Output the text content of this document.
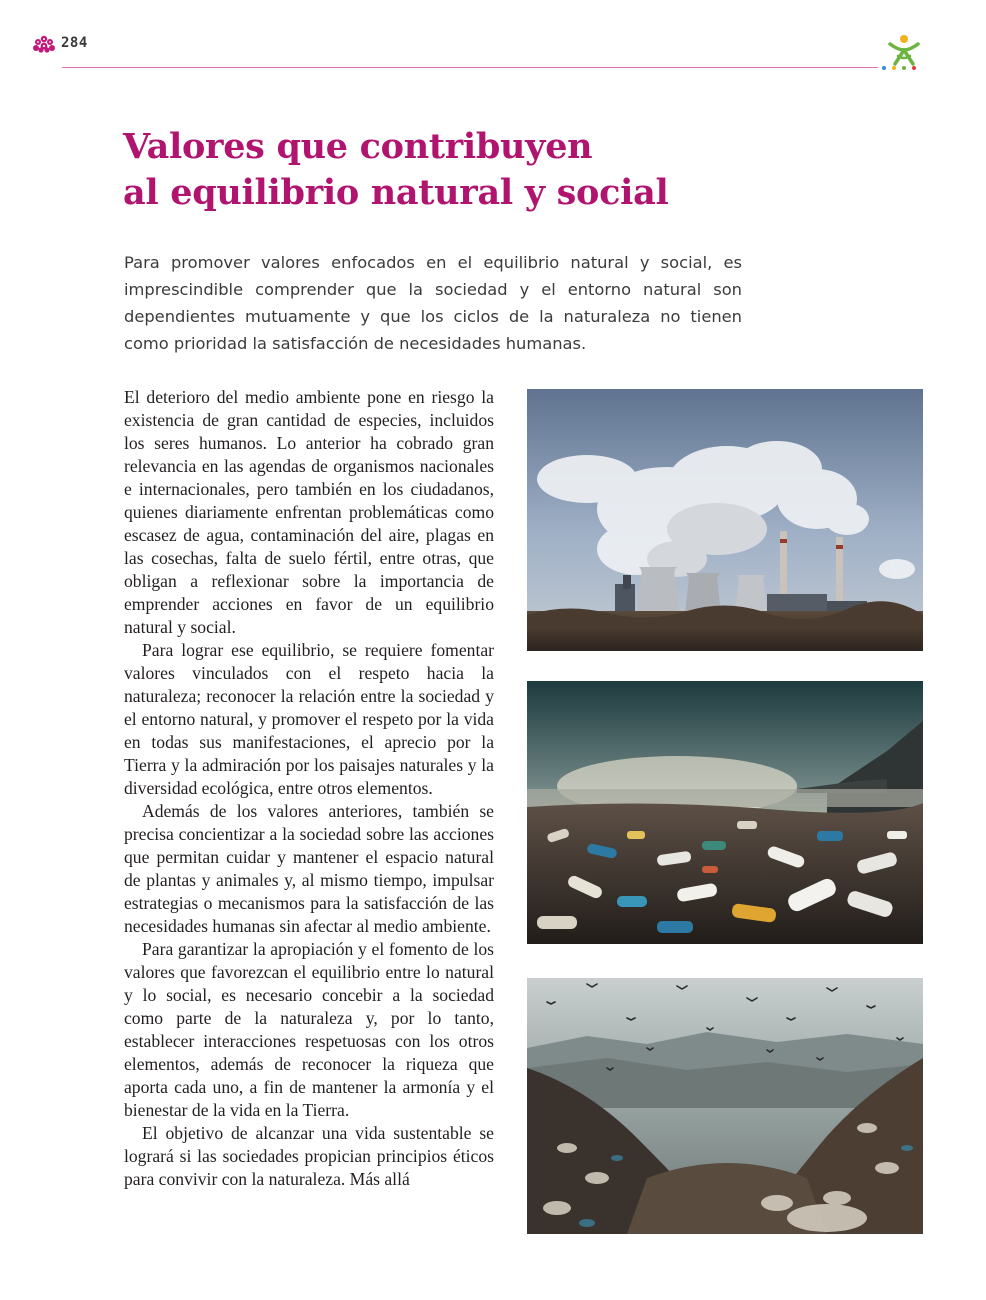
284
Valores que contribuyen
al equilibrio natural y social

Para promover valores enfocados en el equilibrio natural y social, es imprescindible comprender que la sociedad y el entorno natural son dependientes mutuamente y que los ciclos de la naturaleza no tienen como prioridad la satisfacción de necesidades humanas.

El deterioro del medio ambiente pone en riesgo la existencia de gran cantidad de especies, incluidos los seres humanos. Lo anterior ha cobrado gran relevancia en las agendas de organismos nacionales e internacionales, pero también en los ciudadanos, quienes diariamente enfrentan problemáticas como escasez de agua, contaminación del aire, plagas en las cosechas, falta de suelo fértil, entre otras, que obligan a reflexionar sobre la importancia de emprender acciones en favor de un equilibrio natural y social.

Para lograr ese equilibrio, se requiere fomentar valores vinculados con el respeto hacia la naturaleza; reconocer la relación entre la sociedad y el entorno natural, y promover el respeto por la vida en todas sus manifestaciones, el aprecio por la Tierra y la admiración por los paisajes naturales y la diversidad ecológica, entre otros elementos.

Además de los valores anteriores, también se precisa concientizar a la sociedad sobre las acciones que permitan cuidar y mantener el espacio natural de plantas y animales y, al mismo tiempo, impulsar estrategias o mecanismos para la satisfacción de las necesidades humanas sin afectar al medio ambiente.

Para garantizar la apropiación y el fomento de los valores que favorezcan el equilibrio entre lo natural y lo social, es necesario concebir a la sociedad como parte de la naturaleza y, por lo tanto, establecer interacciones respetuosas con los otros elementos, además de reconocer la riqueza que aporta cada uno, a fin de mantener la armonía y el bienestar de la vida en la Tierra.

El objetivo de alcanzar una vida sustentable se logrará si las sociedades propician principios éticos para convivir con la naturaleza. Más allá
